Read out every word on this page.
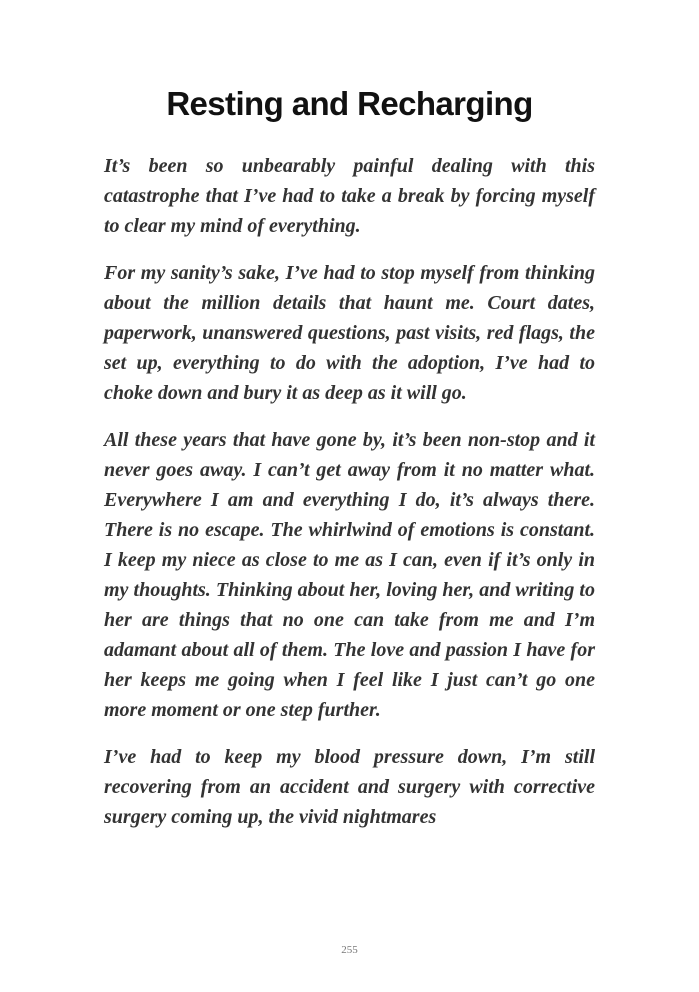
Resting and Recharging

It’s been so unbearably painful dealing with this catastrophe that I’ve had to take a break by forcing myself to clear my mind of everything.

For my sanity’s sake, I’ve had to stop myself from thinking about the million details that haunt me. Court dates, paperwork, unanswered questions, past visits, red flags, the set up, everything to do with the adoption, I’ve had to choke down and bury it as deep as it will go.

All these years that have gone by, it’s been non-stop and it never goes away. I can’t get away from it no matter what. Everywhere I am and everything I do, it’s always there. There is no escape. The whirlwind of emotions is constant. I keep my niece as close to me as I can, even if it’s only in my thoughts. Thinking about her, loving her, and writing to her are things that no one can take from me and I’m adamant about all of them. The love and passion I have for her keeps me going when I feel like I just can’t go one more moment or one step further.

I’ve had to keep my blood pressure down, I’m still recovering from an accident and surgery with corrective surgery coming up, the vivid nightmares

255
